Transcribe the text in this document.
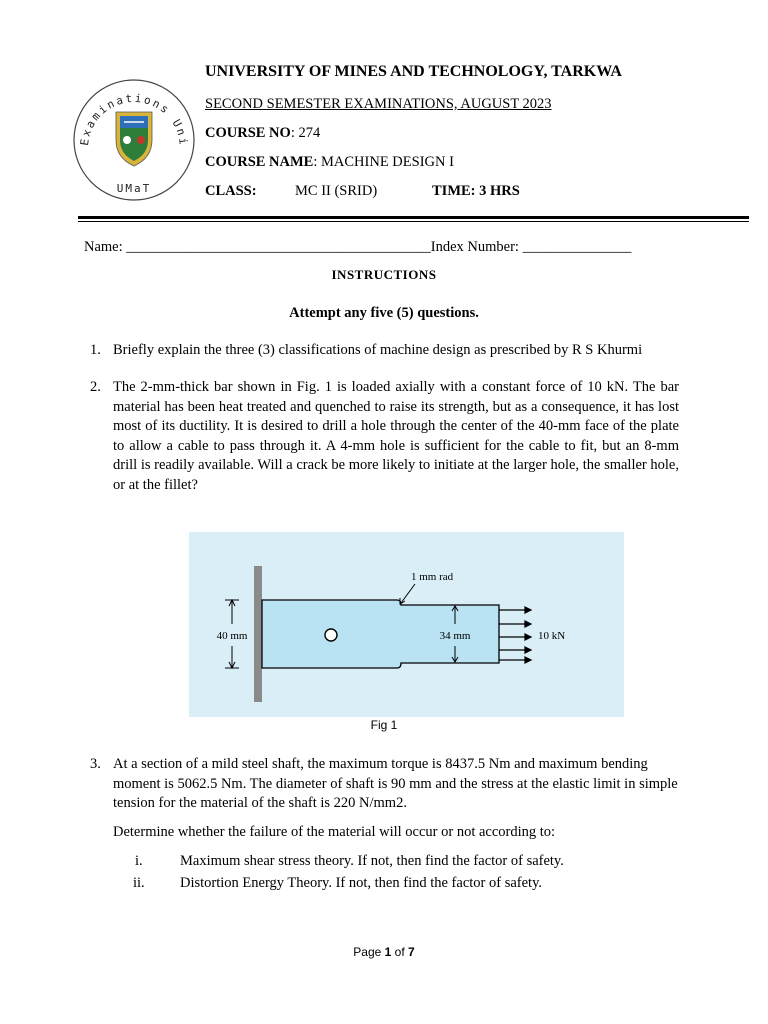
Examinations Uni
UMaT
UNIVERSITY OF MINES AND TECHNOLOGY, TARKWA
SECOND SEMESTER EXAMINATIONS, AUGUST 2023
COURSE NO: 274
COURSE NAME: MACHINE DESIGN I
CLASS:	MC II (SRID)	TIME: 3 HRS
Name: __________________________________________Index Number: _______________
INSTRUCTIONS
Attempt any five (5) questions.
1. Briefly explain the three (3) classifications of machine design as prescribed by R S Khurmi
2. The 2-mm-thick bar shown in Fig. 1 is loaded axially with a constant force of 10 kN. The bar material has been heat treated and quenched to raise its strength, but as a consequence, it has lost most of its ductility. It is desired to drill a hole through the center of the 40-mm face of the plate to allow a cable to pass through it. A 4-mm hole is sufficient for the cable to fit, but an 8-mm drill is readily available. Will a crack be more likely to initiate at the larger hole, the smaller hole, or at the fillet?
40 mm	34 mm
1 mm rad
10 kN
Fig 1
3. At a section of a mild steel shaft, the maximum torque is 8437.5 Nm and maximum bending moment is 5062.5 Nm. The diameter of shaft is 90 mm and the stress at the elastic limit in simple tension for the material of the shaft is 220 N/mm2.
Determine whether the failure of the material will occur or not according to:
i.	Maximum shear stress theory. If not, then find the factor of safety.
ii. Distortion Energy Theory. If not, then find the factor of safety.
Page 1 of 7
